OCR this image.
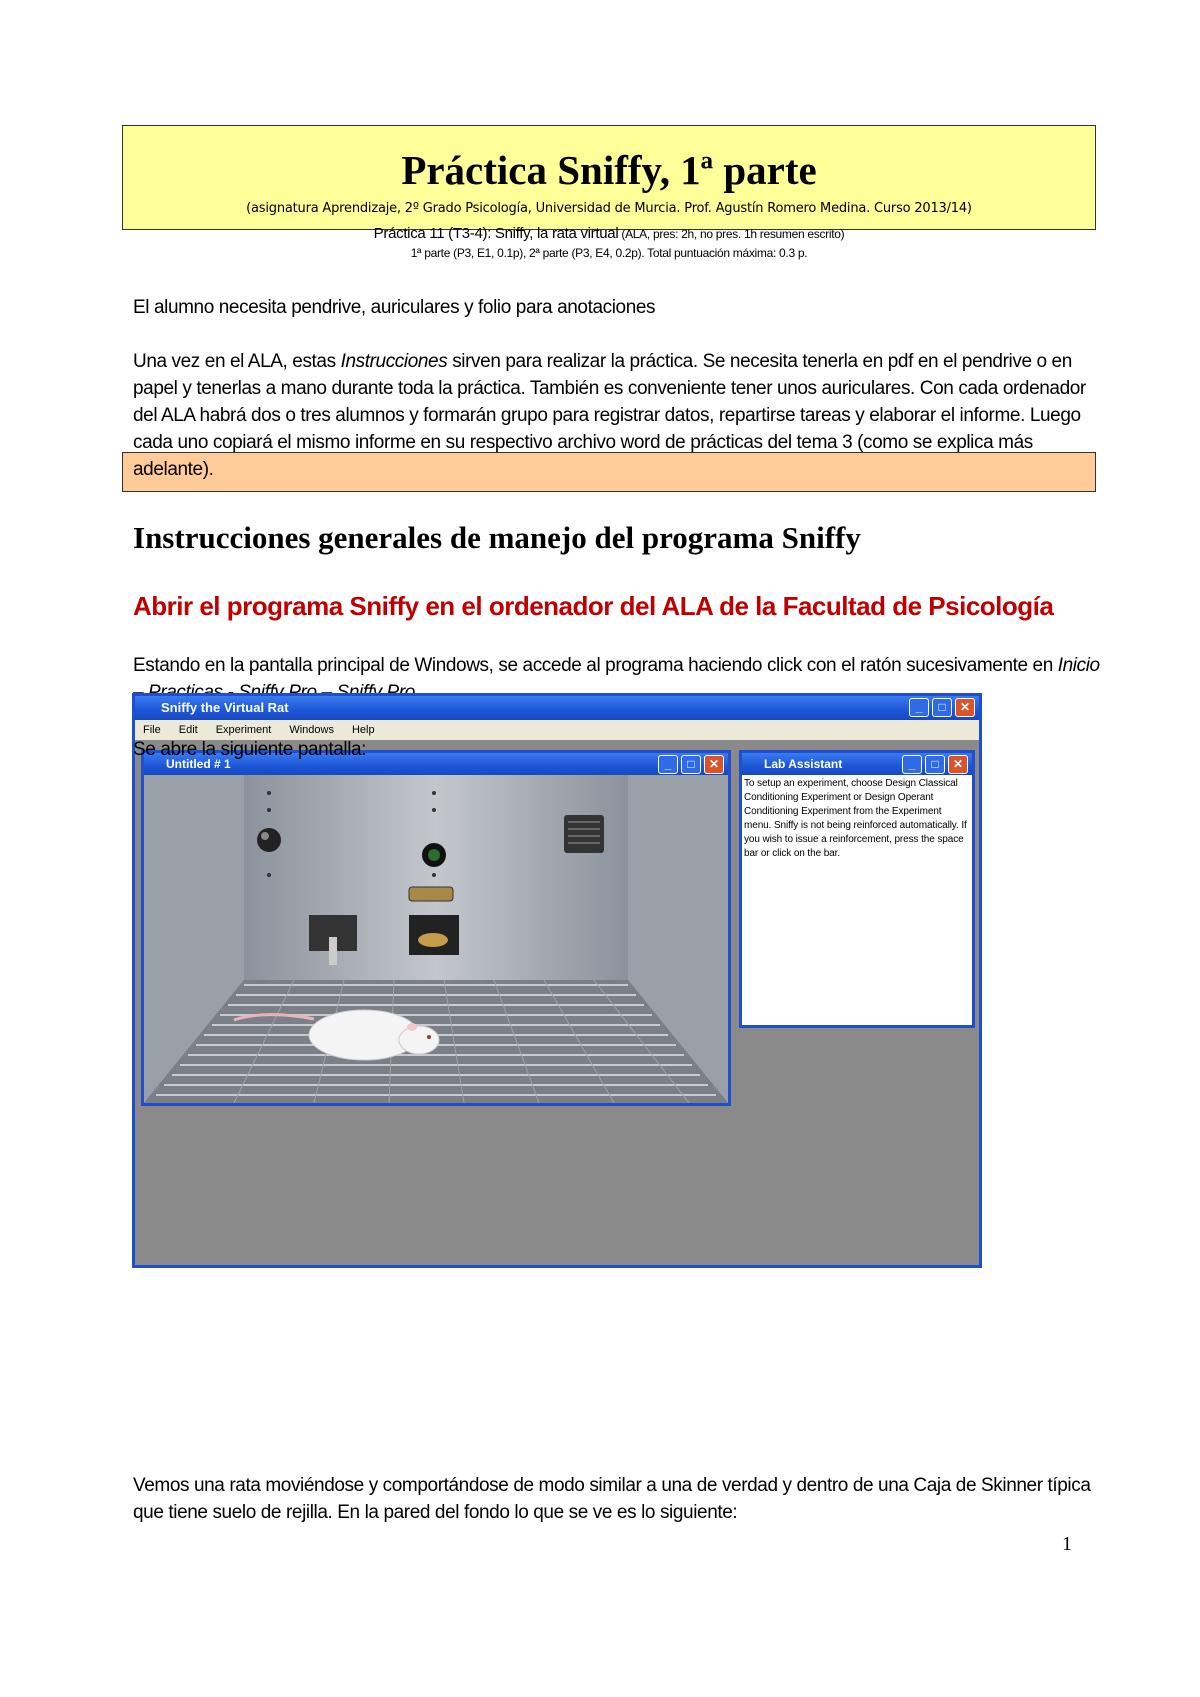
Práctica Sniffy, 1ª parte
(asignatura Aprendizaje, 2º Grado Psicología, Universidad de Murcia. Prof. Agustín Romero Medina. Curso 2013/14)
Práctica 11 (T3-4): Sniffy, la rata virtual (ALA, pres: 2h, no pres. 1h resumen escrito)
1ª parte (P3, E1, 0.1p), 2ª parte (P3, E4, 0.2p). Total puntuación máxima: 0.3 p.
El alumno necesita pendrive, auriculares y folio para anotaciones
Una vez en el ALA, estas Instrucciones sirven para realizar la práctica. Se necesita tenerla en pdf en el pendrive o en papel y tenerlas a mano durante toda la práctica. También es conveniente tener unos auriculares. Con cada ordenador del ALA habrá dos o tres alumnos y formarán grupo para registrar datos, repartirse tareas y elaborar el informe. Luego cada uno copiará el mismo informe en su respectivo archivo word de prácticas del tema 3 (como se explica más adelante).
Instrucciones generales de manejo del programa Sniffy
Abrir el programa Sniffy en el ordenador del ALA de la Facultad de Psicología
Estando en la pantalla principal de Windows, se accede al programa haciendo click con el ratón sucesivamente en Inicio
Sniffy the Virtual Rat	_	□	✕
File Edit Experiment Windows Help
Untitled # 1	_	□	✕	Lab Assistant	_	□	✕
To setup an experiment, choose Design Classical Conditioning Experiment or Design Operant Conditioning Experiment from the Experiment menu. Sniffy is not being reinforced automatically. If you wish to issue a reinforcement, press the space bar or click on the bar.
Se abre la siguiente pantalla:
Vemos una rata moviéndose y comportándose de modo similar a una de verdad y dentro de una Caja de Skinner típica que tiene suelo de rejilla. En la pared del fondo lo que se ve es lo siguiente:
1
